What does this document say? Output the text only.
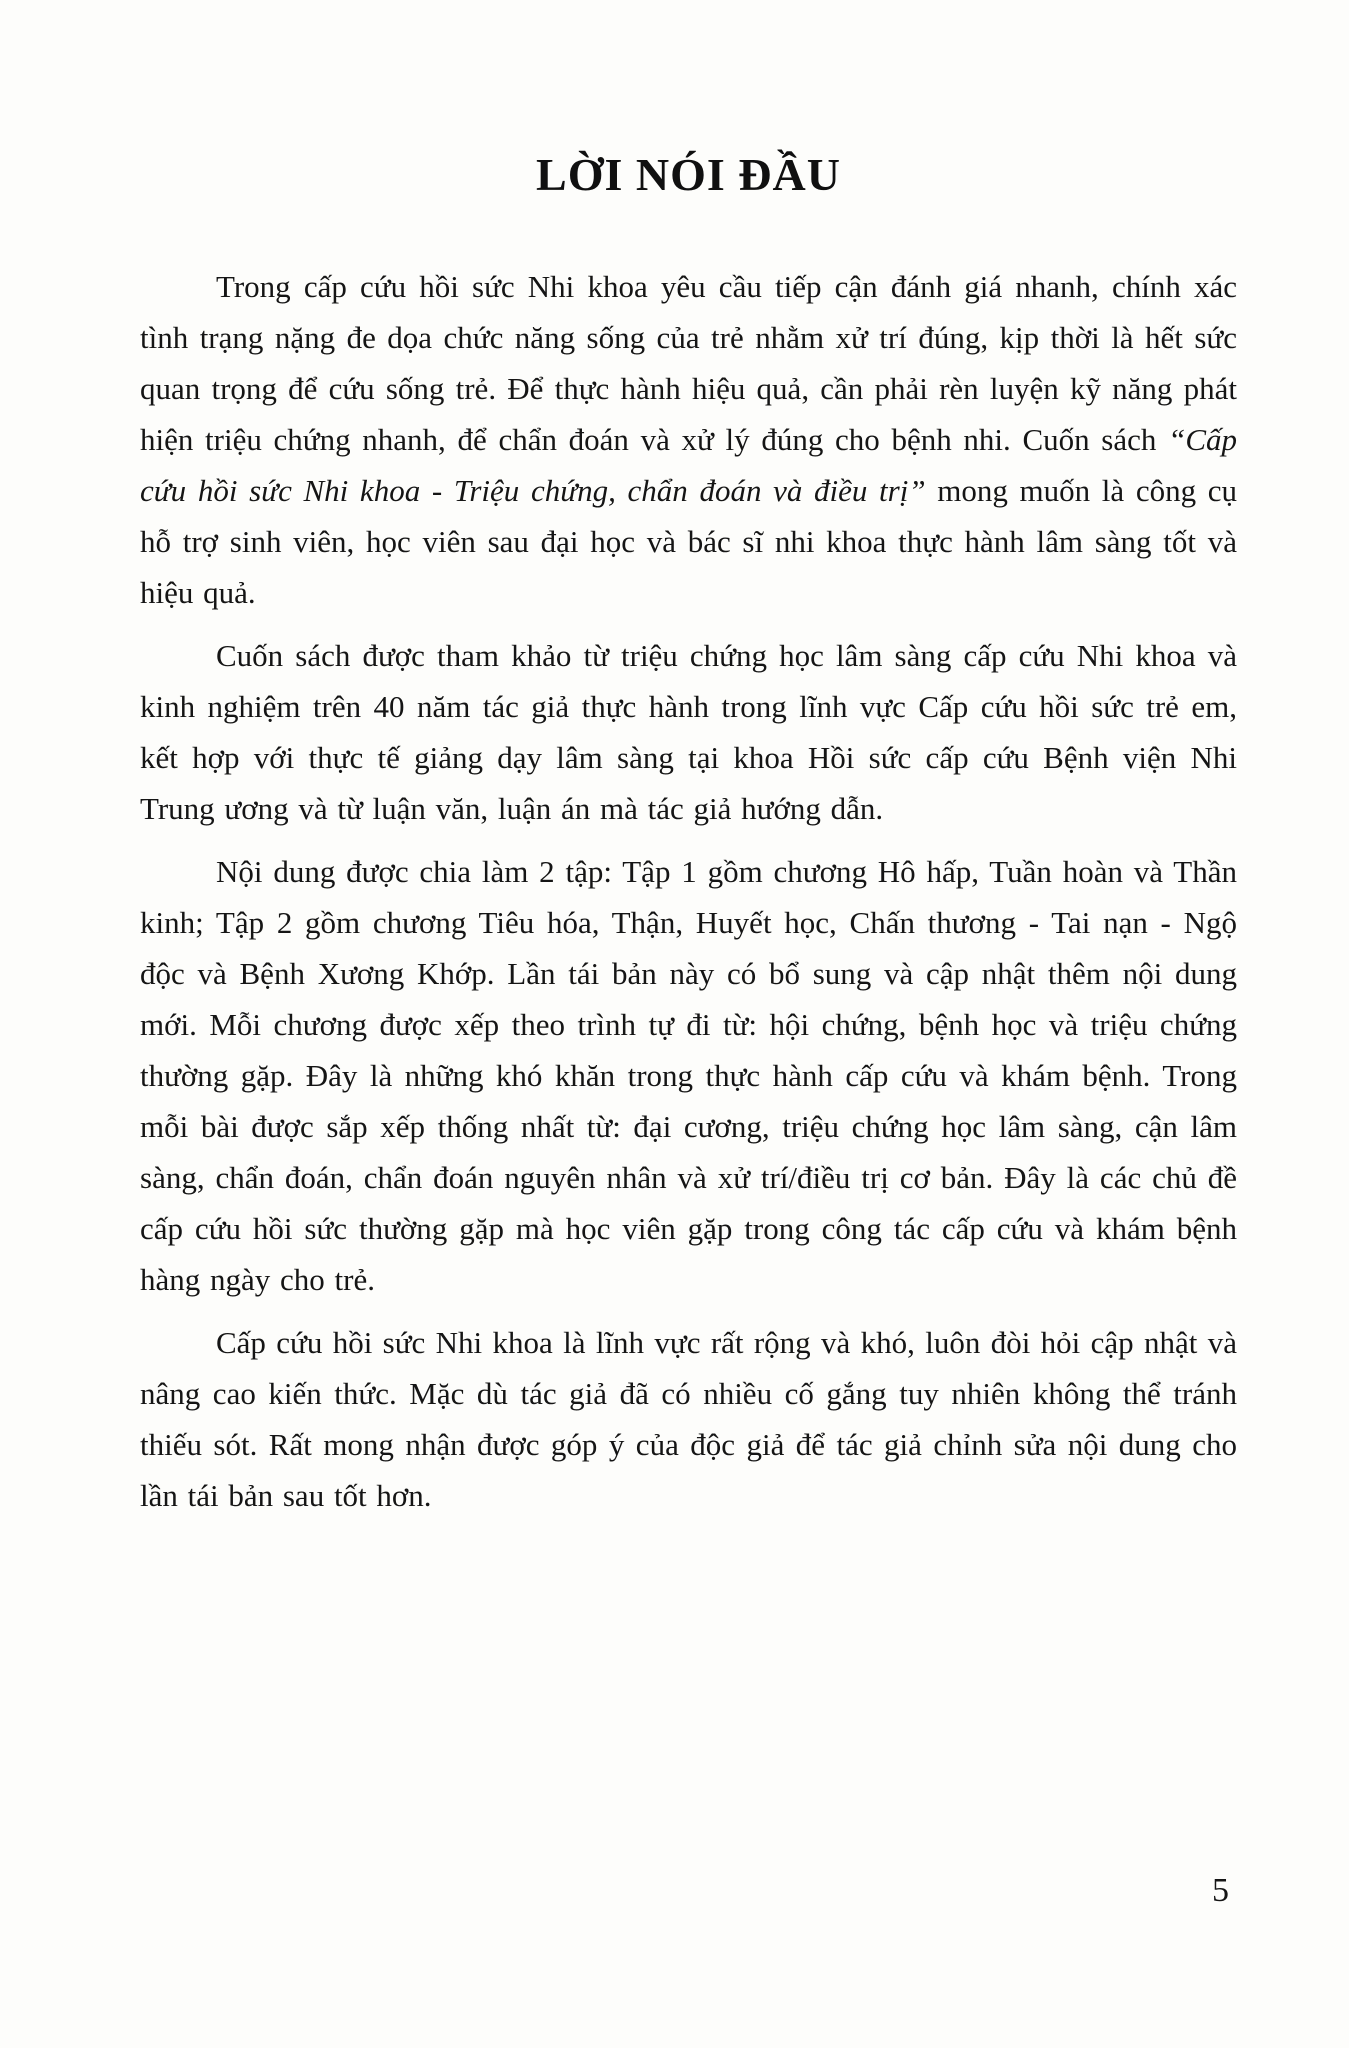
LỜI NÓI ĐẦU

Trong cấp cứu hồi sức Nhi khoa yêu cầu tiếp cận đánh giá nhanh, chính xác tình trạng nặng đe dọa chức năng sống của trẻ nhằm xử trí đúng, kịp thời là hết sức quan trọng để cứu sống trẻ. Để thực hành hiệu quả, cần phải rèn luyện kỹ năng phát hiện triệu chứng nhanh, để chẩn đoán và xử lý đúng cho bệnh nhi. Cuốn sách “Cấp cứu hồi sức Nhi khoa - Triệu chứng, chẩn đoán và điều trị” mong muốn là công cụ hỗ trợ sinh viên, học viên sau đại học và bác sĩ nhi khoa thực hành lâm sàng tốt và hiệu quả.

Cuốn sách được tham khảo từ triệu chứng học lâm sàng cấp cứu Nhi khoa và kinh nghiệm trên 40 năm tác giả thực hành trong lĩnh vực Cấp cứu hồi sức trẻ em, kết hợp với thực tế giảng dạy lâm sàng tại khoa Hồi sức cấp cứu Bệnh viện Nhi Trung ương và từ luận văn, luận án mà tác giả hướng dẫn.

Nội dung được chia làm 2 tập: Tập 1 gồm chương Hô hấp, Tuần hoàn và Thần kinh; Tập 2 gồm chương Tiêu hóa, Thận, Huyết học, Chấn thương - Tai nạn - Ngộ độc và Bệnh Xương Khớp. Lần tái bản này có bổ sung và cập nhật thêm nội dung mới. Mỗi chương được xếp theo trình tự đi từ: hội chứng, bệnh học và triệu chứng thường gặp. Đây là những khó khăn trong thực hành cấp cứu và khám bệnh. Trong mỗi bài được sắp xếp thống nhất từ: đại cương, triệu chứng học lâm sàng, cận lâm sàng, chẩn đoán, chẩn đoán nguyên nhân và xử trí/điều trị cơ bản. Đây là các chủ đề cấp cứu hồi sức thường gặp mà học viên gặp trong công tác cấp cứu và khám bệnh hàng ngày cho trẻ.

Cấp cứu hồi sức Nhi khoa là lĩnh vực rất rộng và khó, luôn đòi hỏi cập nhật và nâng cao kiến thức. Mặc dù tác giả đã có nhiều cố gắng tuy nhiên không thể tránh thiếu sót. Rất mong nhận được góp ý của độc giả để tác giả chỉnh sửa nội dung cho lần tái bản sau tốt hơn.

5
